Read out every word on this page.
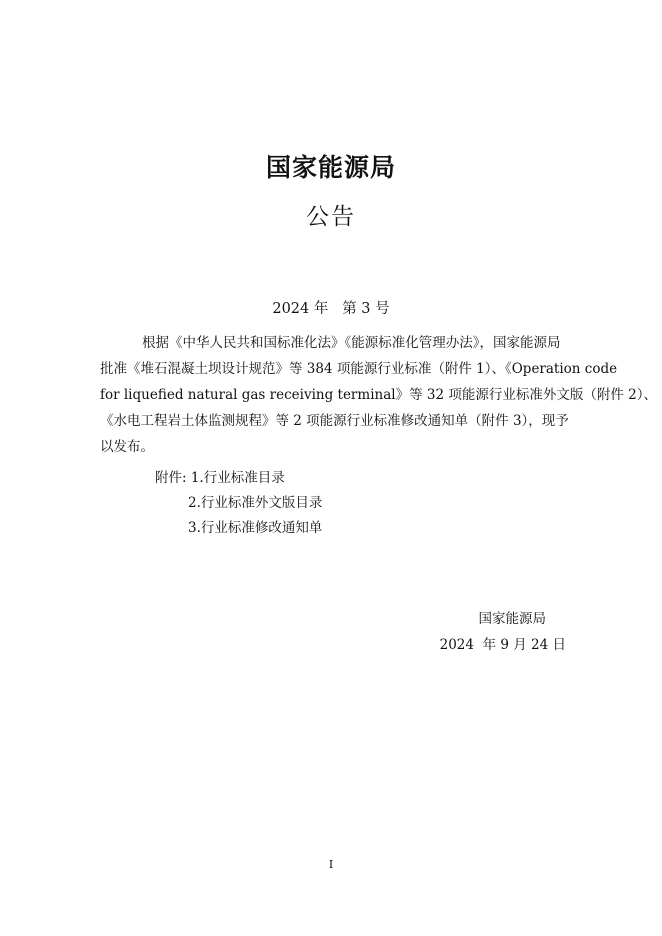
国家能源局
公告
2024 年   第 3 号
根据《中华人民共和国标准化法》《能源标准化管理办法》，国家能源局
批准《堆石混凝土坝设计规范》等 384 项能源行业标准（附件 1）、《Operation code
for liquefied natural gas receiving terminal》等 32 项能源行业标准外文版（附件 2）、
《水电工程岩土体监测规程》等 2 项能源行业标准修改通知单（附件 3），现予
以发布。
附件: 1.行业标准目录
2.行业标准外文版目录
3.行业标准修改通知单
国家能源局
2024  年 9 月 24 日
I
